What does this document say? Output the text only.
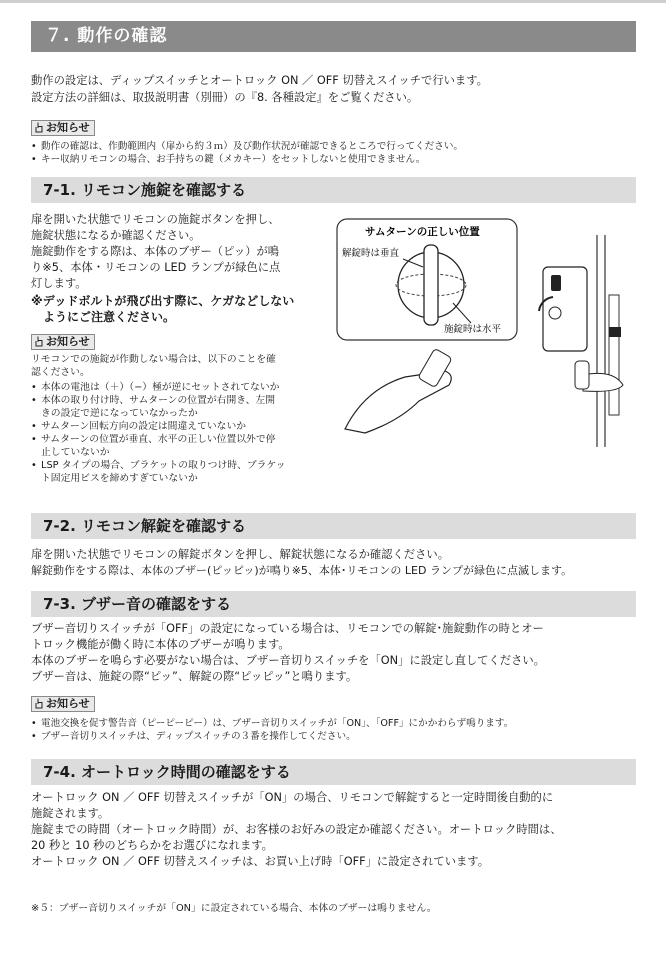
７. 動作の確認
動作の設定は、ディップスイッチとオートロック ON ／ OFF 切替えスイッチで行います。
設定方法の詳細は、取扱説明書（別冊）の『8. 各種設定』をご覧ください。
お知らせ
• 動作の確認は、作動範囲内（扉から約３ｍ）及び動作状況が確認できるところで行ってください。
• キー収納リモコンの場合、お手持ちの鍵（メカキー）をセットしないと使用できません。
7-1. リモコン施錠を確認する
扉を開いた状態でリモコンの施錠ボタンを押し、
施錠状態になるか確認ください。
施錠動作をする際は、本体のブザー（ピッ）が鳴
り※5、本体・リモコンの LED ランプが緑色に点
灯します。
※デッドボルトが飛び出す際に、ケガなどしない
ようにご注意ください。
お知らせ
リモコンでの施錠が作動しない場合は、以下のことを確
認ください。
• 本体の電池は（＋）（−）極が逆にセットされてないか
• 本体の取り付け時、サムターンの位置が右開き、左開
きの設定で逆になっていなかったか
• サムターン回転方向の設定は間違えていないか
• サムターンの位置が垂直、水平の正しい位置以外で停
止していないか
• LSP タイプの場合、ブラケットの取りつけ時、ブラケッ
ト固定用ビスを締めすぎていないか
サムターンの正しい位置
解錠時は垂直
施錠時は水平
7-2. リモコン解錠を確認する
扉を開いた状態でリモコンの解錠ボタンを押し、解錠状態になるか確認ください。
解錠動作をする際は、本体のブザー(ピッピッ)が鳴り※5、本体･リモコンの LED ランプが緑色に点滅します。
7-3. ブザー音の確認をする
ブザー音切りスイッチが「OFF」の設定になっている場合は、リモコンでの解錠･施錠動作の時とオー
トロック機能が働く時に本体のブザーが鳴ります。
本体のブザーを鳴らす必要がない場合は、ブザー音切りスイッチを「ON」に設定し直してください。
ブザー音は、施錠の際“ピッ”、解錠の際“ピッピッ”と鳴ります。
お知らせ
• 電池交換を促す警告音（ピーピーピー）は、ブザー音切りスイッチが「ON」、「OFF」にかかわらず鳴ります。
• ブザー音切りスイッチは、ディップスイッチの３番を操作してください。
7-4. オートロック時間の確認をする
オートロック ON ／ OFF 切替えスイッチが「ON」の場合、リモコンで解錠すると一定時間後自動的に
施錠されます。
施錠までの時間（オートロック時間）が、お客様のお好みの設定か確認ください。オートロック時間は、
20 秒と 10 秒のどちらかをお選びになれます。
オートロック ON ／ OFF 切替えスイッチは、お買い上げ時「OFF」に設定されています。
※５：ブザー音切りスイッチが「ON」に設定されている場合、本体のブザーは鳴りません。
